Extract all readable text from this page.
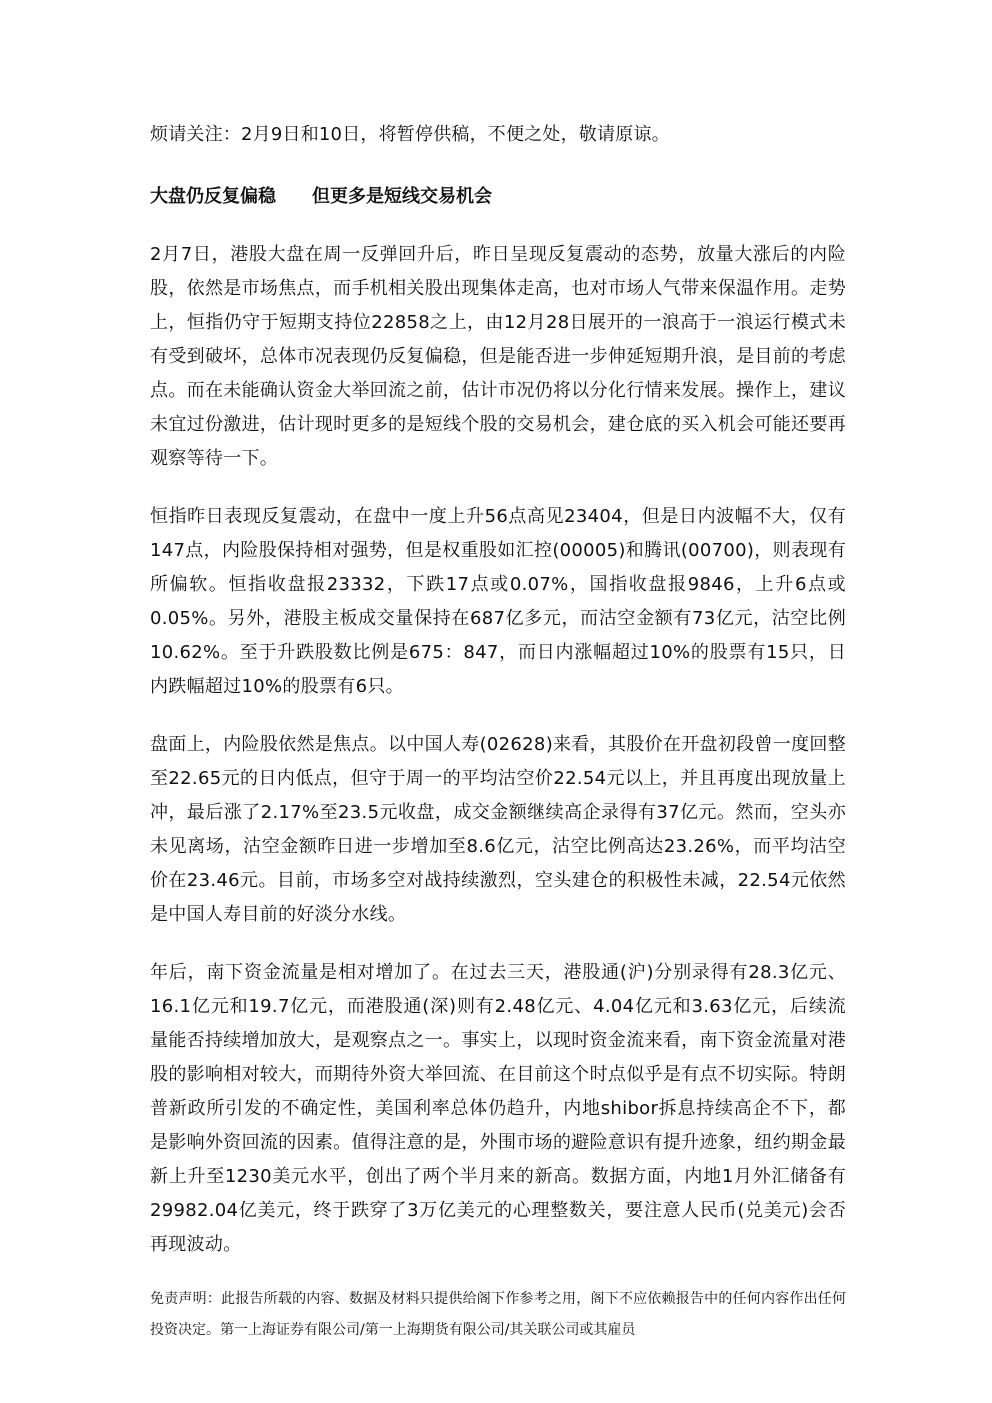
烦请关注：2月9日和10日，将暂停供稿，不便之处，敬请原谅。

大盘仍反复偏稳　　但更多是短线交易机会

2月7日，港股大盘在周一反弹回升后，昨日呈现反复震动的态势，放量大涨后的内险股，依然是市场焦点，而手机相关股出现集体走高，也对市场人气带来保温作用。走势上，恒指仍守于短期支持位22858之上，由12月28日展开的一浪高于一浪运行模式未有受到破坏，总体市况表现仍反复偏稳，但是能否进一步伸延短期升浪，是目前的考虑点。而在未能确认资金大举回流之前，估计市况仍将以分化行情来发展。操作上，建议未宜过份激进，估计现时更多的是短线个股的交易机会，建仓底的买入机会可能还要再观察等待一下。

恒指昨日表现反复震动，在盘中一度上升56点高见23404，但是日内波幅不大，仅有147点，内险股保持相对强势，但是权重股如汇控(00005)和腾讯(00700)，则表现有所偏软。恒指收盘报23332，下跌17点或0.07%，国指收盘报9846，上升6点或0.05%。另外，港股主板成交量保持在687亿多元，而沽空金额有73亿元，沽空比例10.62%。至于升跌股数比例是675：847，而日内涨幅超过10%的股票有15只，日内跌幅超过10%的股票有6只。

盘面上，内险股依然是焦点。以中国人寿(02628)来看，其股价在开盘初段曾一度回整至22.65元的日内低点，但守于周一的平均沽空价22.54元以上，并且再度出现放量上冲，最后涨了2.17%至23.5元收盘，成交金额继续高企录得有37亿元。然而，空头亦未见离场，沽空金额昨日进一步增加至8.6亿元，沽空比例高达23.26%，而平均沽空价在23.46元。目前，市场多空对战持续激烈，空头建仓的积极性未减，22.54元依然是中国人寿目前的好淡分水线。

年后，南下资金流量是相对增加了。在过去三天，港股通(沪)分别录得有28.3亿元、16.1亿元和19.7亿元，而港股通(深)则有2.48亿元、4.04亿元和3.63亿元，后续流量能否持续增加放大，是观察点之一。事实上，以现时资金流来看，南下资金流量对港股的影响相对较大，而期待外资大举回流、在目前这个时点似乎是有点不切实际。特朗普新政所引发的不确定性，美国利率总体仍趋升，内地shibor拆息持续高企不下，都是影响外资回流的因素。值得注意的是，外围市场的避险意识有提升迹象，纽约期金最新上升至1230美元水平，创出了两个半月来的新高。数据方面，内地1月外汇储备有29982.04亿美元，终于跌穿了3万亿美元的心理整数关，要注意人民币(兑美元)会否再现波动。

免责声明：此报告所载的内容、数据及材料只提供给阁下作参考之用，阁下不应依赖报告中的任何内容作出任何投资决定。第一上海证券有限公司/第一上海期货有限公司/其关联公司或其雇员
